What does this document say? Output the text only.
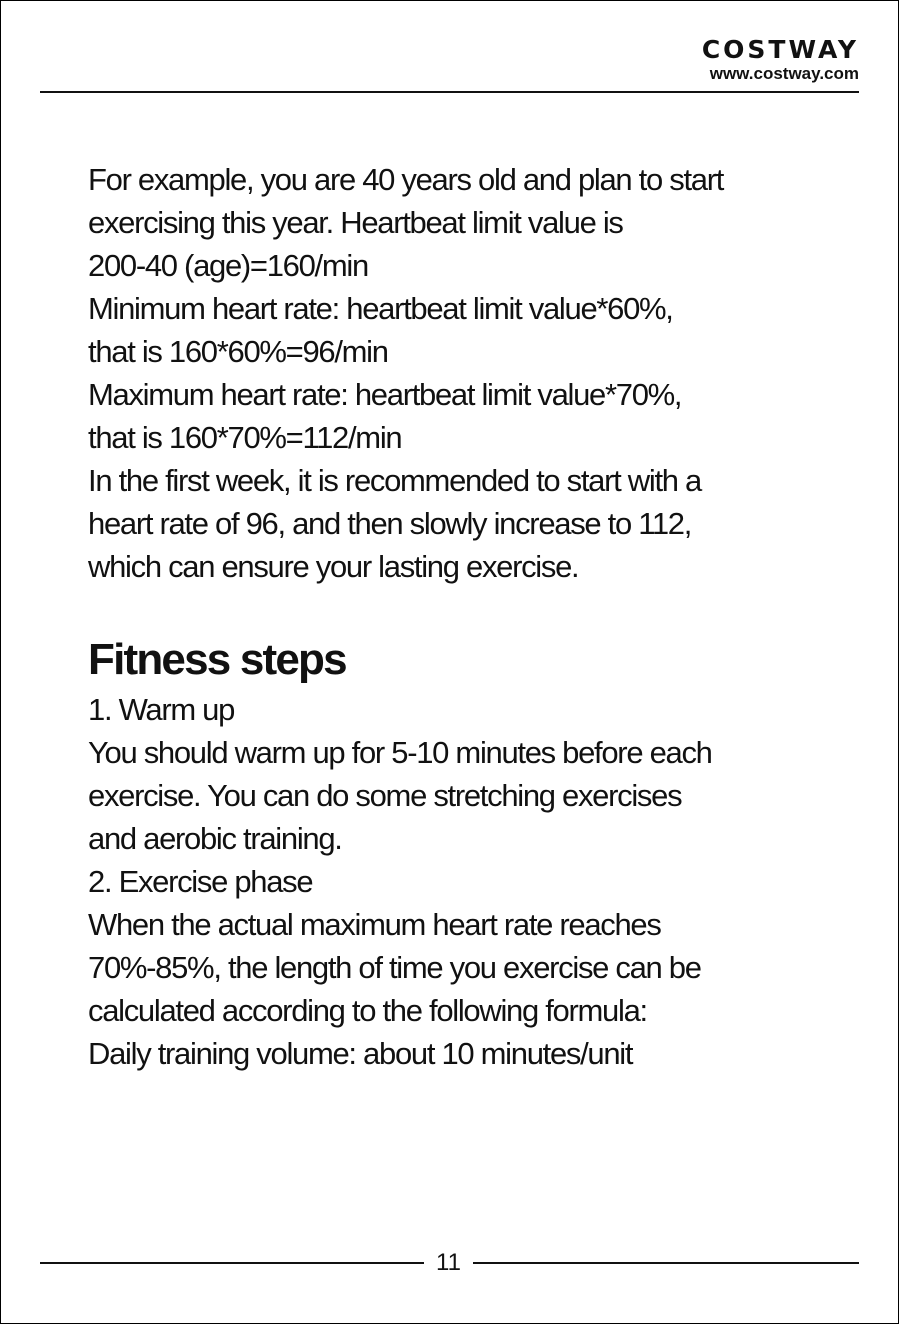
COSTWAY
www.costway.com

For example, you are 40 years old and plan to start

exercising this year. Heartbeat limit value is

200-40 (age)=160/min

Minimum heart rate: heartbeat limit value*60%,

that is 160*60%=96/min

Maximum heart rate: heartbeat limit value*70%,

that is 160*70%=112/min

In the first week, it is recommended to start with a

heart rate of 96, and then slowly increase to 112,

which can ensure your lasting exercise.

Fitness steps

1. Warm up

You should warm up for 5-10 minutes before each

exercise. You can do some stretching exercises

and aerobic training.

2. Exercise phase

When the actual maximum heart rate reaches

70%-85%, the length of time you exercise can be

calculated according to the following formula:

Daily training volume: about 10 minutes/unit

11
